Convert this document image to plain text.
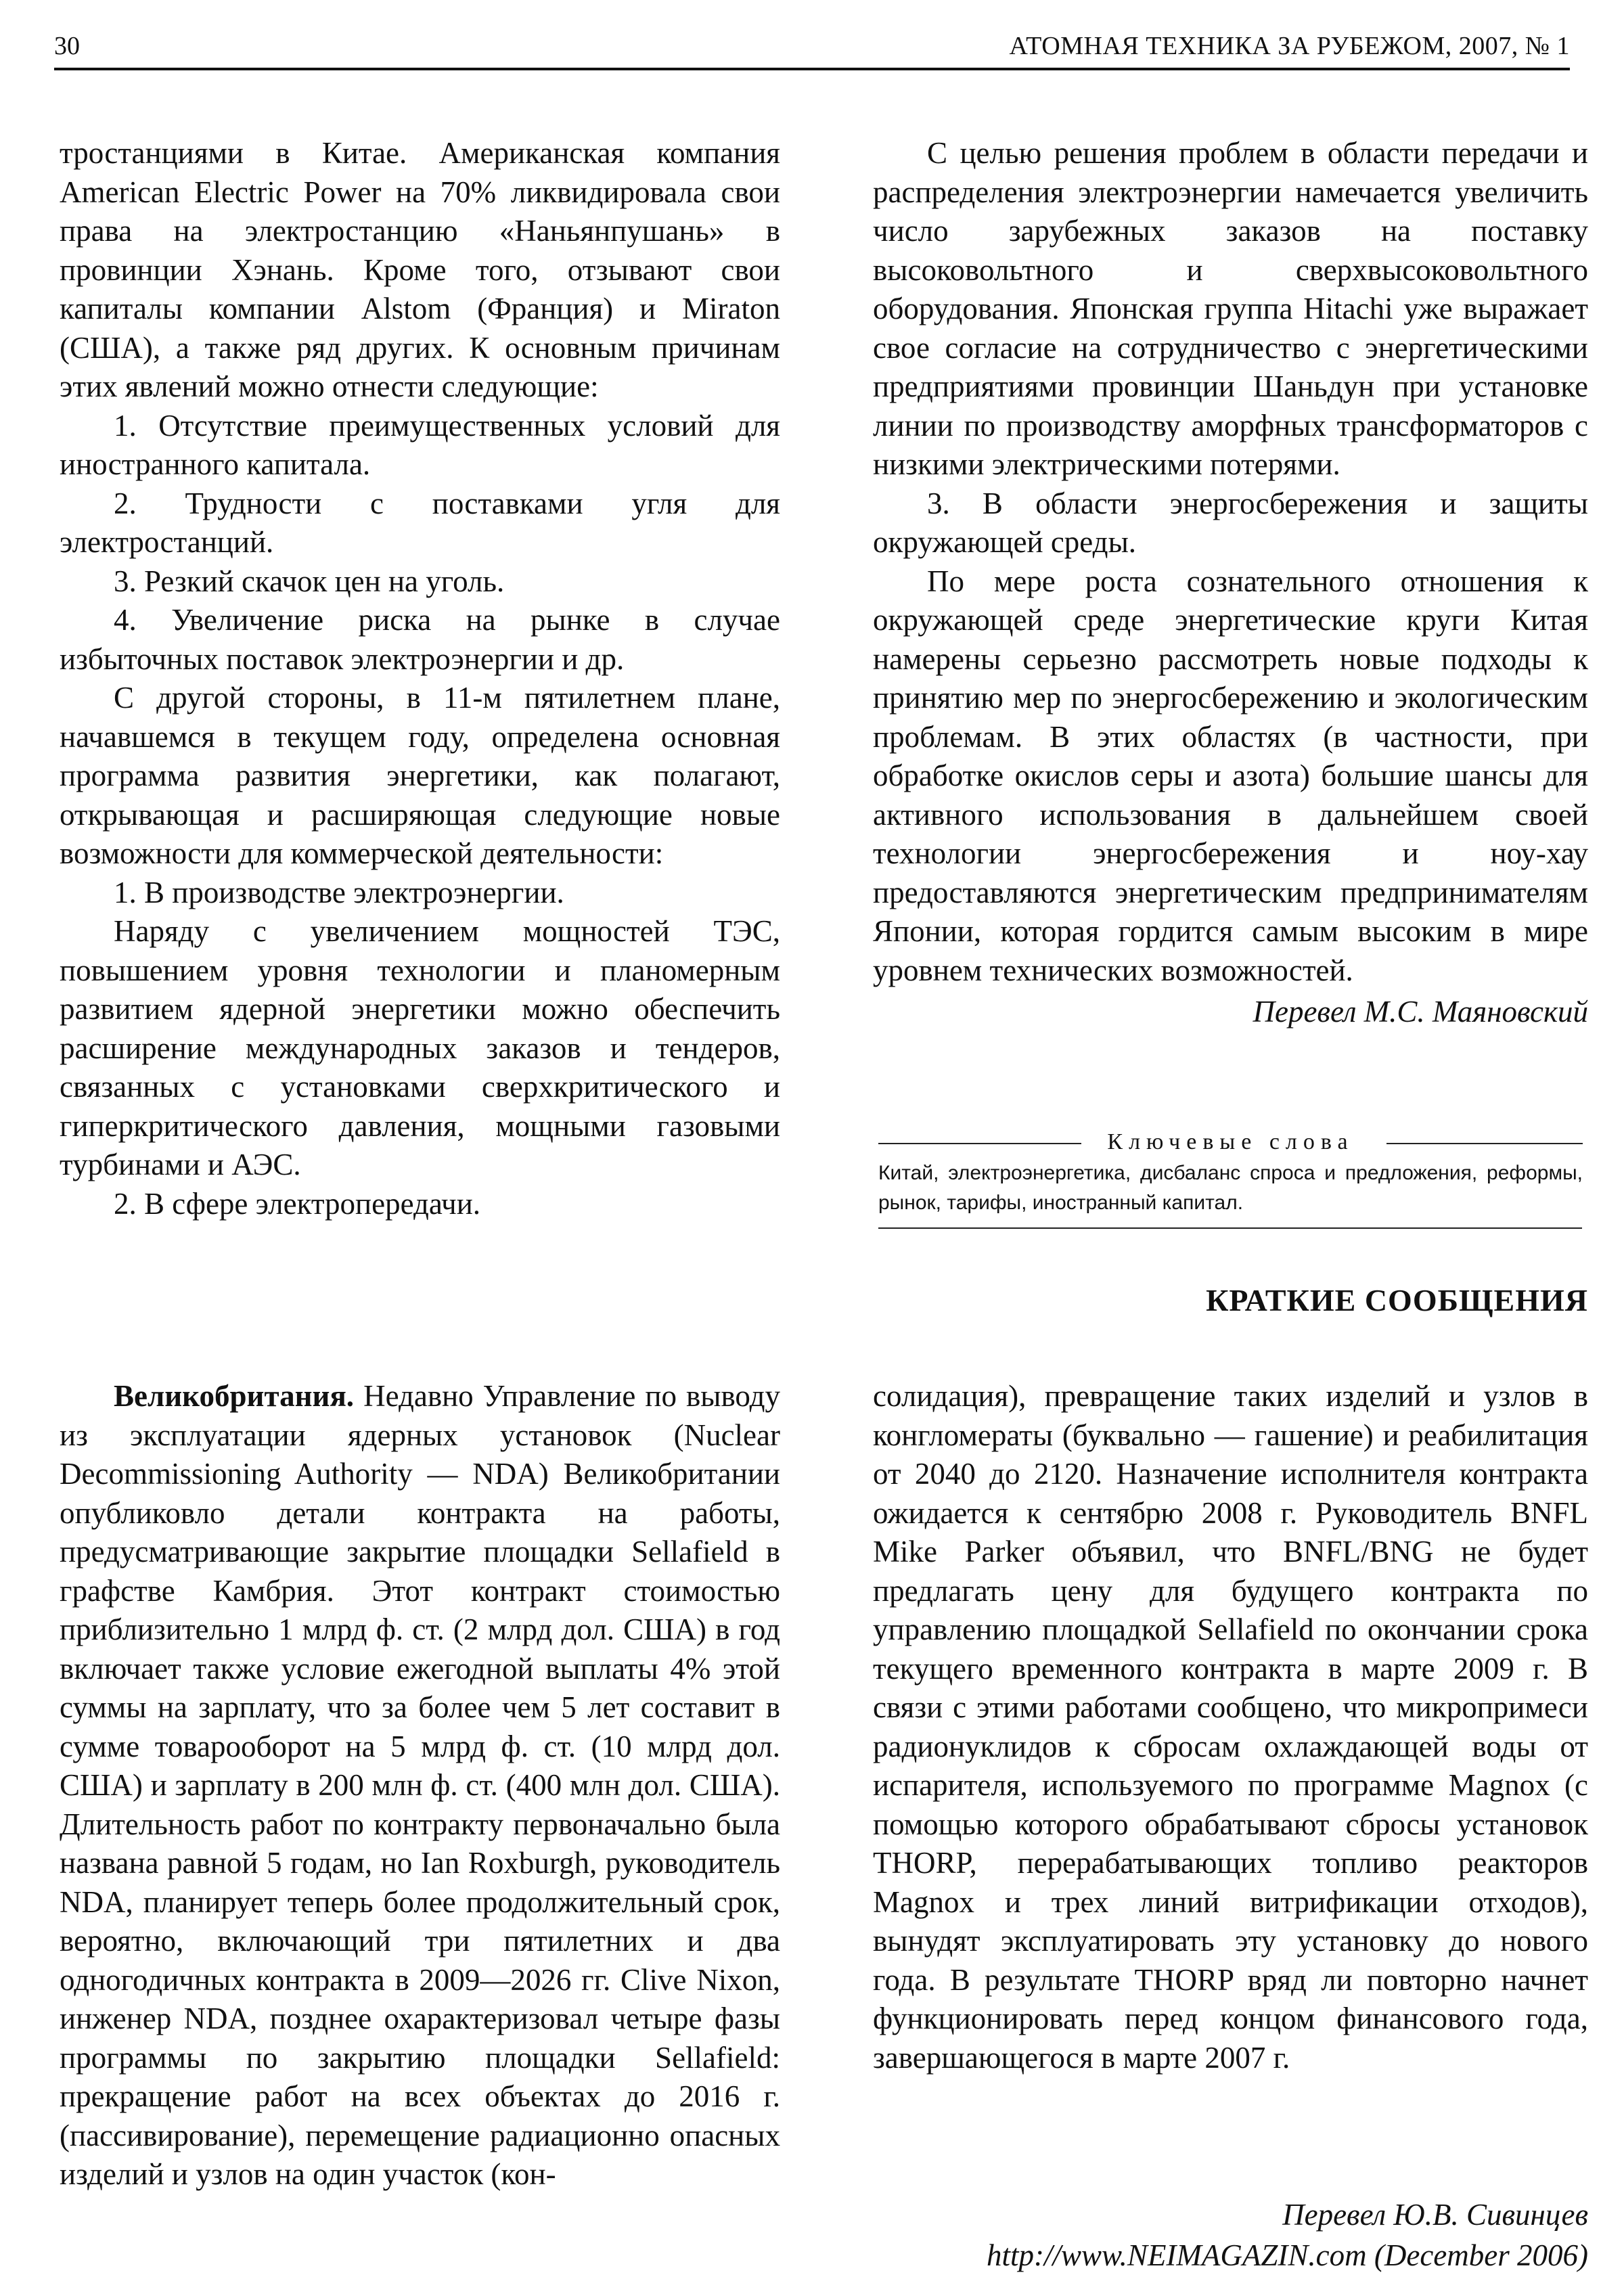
30	АТОМНАЯ ТЕХНИКА ЗА РУБЕЖОМ, 2007, № 1

тростанциями в Китае. Американская компания American Electric Power на 70% ликвидировала свои права на электростанцию «Наньянпушань» в провинции Хэнань. Кроме того, отзывают свои капиталы компании Alstom (Франция) и Miraton (США), а также ряд других. К основным причинам этих явлений можно отнести следующие:

1. Отсутствие преимущественных условий для иностранного капитала.

2. Трудности с поставками угля для электростанций.

3. Резкий скачок цен на уголь.

4. Увеличение риска на рынке в случае избыточных поставок электроэнергии и др.

С другой стороны, в 11-м пятилетнем плане, начавшемся в текущем году, определена основная программа развития энергетики, как полагают, открывающая и расширяющая следующие новые возможности для коммерческой деятельности:

1. В производстве электроэнергии.

Наряду с увеличением мощностей ТЭС, повышением уровня технологии и планомерным развитием ядерной энергетики можно обеспечить расширение международных заказов и тендеров, связанных с установками сверхкритического и гиперкритического давления, мощными газовыми турбинами и АЭС.

2. В сфере электропередачи.

С целью решения проблем в области передачи и распределения электроэнергии намечается увеличить число зарубежных заказов на поставку высоковольтного и сверхвысоковольтного оборудования. Японская группа Hitachi уже выражает свое согласие на сотрудничество с энергетическими предприятиями провинции Шаньдун при установке линии по производству аморфных трансформаторов с низкими электрическими потерями.

3. В области энергосбережения и защиты окружающей среды.

По мере роста сознательного отношения к окружающей среде энергетические круги Китая намерены серьезно рассмотреть новые подходы к принятию мер по энергосбережению и экологическим проблемам. В этих областях (в частности, при обработке окислов серы и азота) большие шансы для активного использования в дальнейшем своей технологии энергосбережения и ноу-хау предоставляются энергетическим предпринимателям Японии, которая гордится самым высоким в мире уровнем технических возможностей.

Перевел М.С. Маяновский

Ключевые слова
Китай, электроэнергетика, дисбаланс спроса и предложения, реформы, рынок, тарифы, иностранный капитал.
КРАТКИЕ СООБЩЕНИЯ

Великобритания. Недавно Управление по выводу из эксплуатации ядерных установок (Nuclear Decommissioning Authority — NDA) Великобритании опубликовло детали контракта на работы, предусматривающие закрытие площадки Sellafield в графстве Камбрия. Этот контракт стоимостью приблизительно 1 млрд ф. ст. (2 млрд дол. США) в год включает также условие ежегодной выплаты 4% этой суммы на зарплату, что за более чем 5 лет составит в сумме товарооборот на 5 млрд ф. ст. (10 млрд дол. США) и зарплату в 200 млн ф. ст. (400 млн дол. США). Длительность работ по контракту первоначально была названа равной 5 годам, но Ian Roxburgh, руководитель NDA, планирует теперь более продолжительный срок, вероятно, включающий три пятилетних и два одногодичных контракта в 2009—2026 гг. Clive Nixon, инженер NDA, позднее охарактеризовал четыре фазы программы по закрытию площадки Sellafield: прекращение работ на всех объектах до 2016 г. (пассивирование), перемещение радиационно опасных изделий и узлов на один участок (кон-

солидация), превращение таких изделий и узлов в конгломераты (буквально — гашение) и реабилитация от 2040 до 2120. Назначение исполнителя контракта ожидается к сентябрю 2008 г. Руководитель BNFL Mike Parker объявил, что BNFL/BNG не будет предлагать цену для будущего контракта по управлению площадкой Sellafield по окончании срока текущего временного контракта в марте 2009 г. В связи с этими работами сообщено, что микропримеси радионуклидов к сбросам охлаждающей воды от испарителя, используемого по программе Magnox (с помощью которого обрабатывают сбросы установок THORP, перерабатывающих топливо реакторов Magnox и трех линий витрификации отходов), вынудят эксплуатировать эту установку до нового года. В результате THORP вряд ли повторно начнет функционировать перед концом финансового года, завершающегося в марте 2007 г.

Перевел Ю.В. Сивинцев
http://www.NEIMAGAZIN.com (December 2006)
